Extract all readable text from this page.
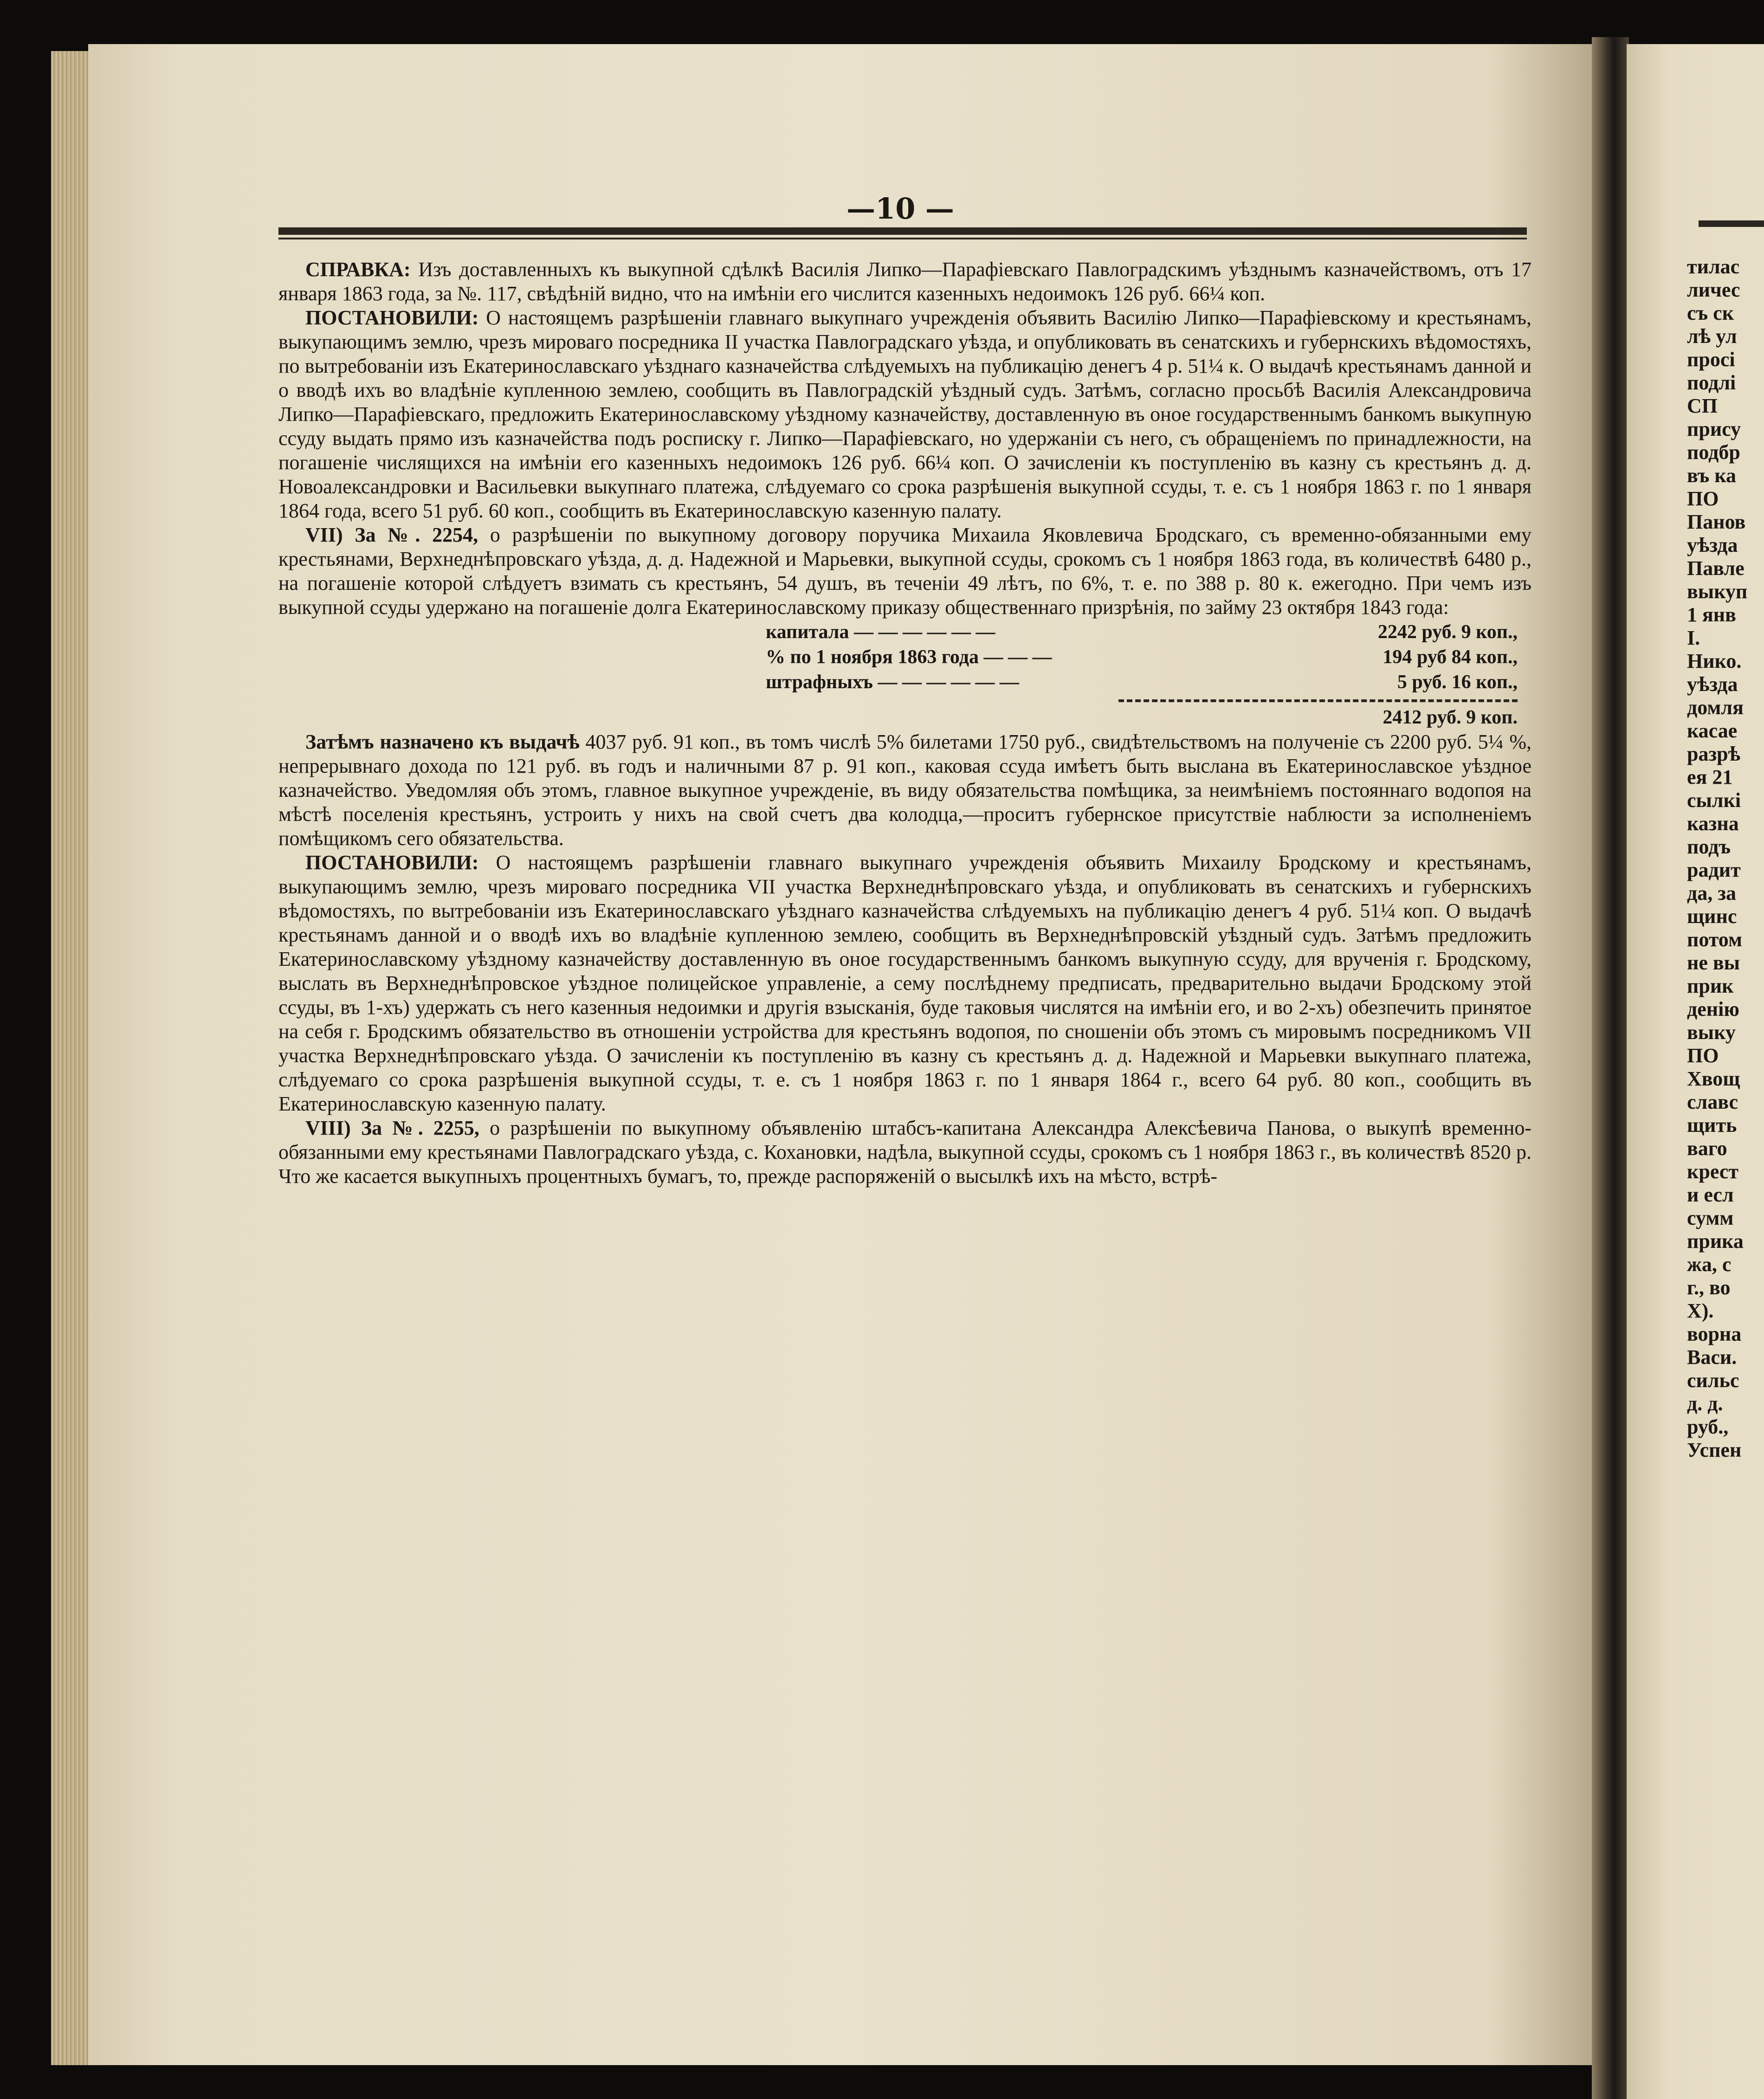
тилас
личес
съ ск
лѣ ул
просі
подлі
СП
прису
подбр
въ ка
ПО
Панов
уѣзда
Павле
выкуп
1 янв
I.
Нико.
уѣзда
домля
касае
разрѣ
ея 21
сылкі
казна
подъ
радит
да, за
щинс
потом
не вы
прик
денію
выку
ПО
Хвощ
славс
щить
ваго
крест
и есл
сумм
прика
жа, с
г., во
X).
ворна
Васи.
сильс
д. д.
руб.,
Успен
—10 —

СПРАВКА: Изъ доставленныхъ къ выкупной сдѣлкѣ Василія Липко—Парафіевскаго Павлоградскимъ уѣзднымъ казначействомъ, отъ 17 января 1863 года, за №. 117, свѣдѣній видно, что на имѣніи его числится казенныхъ недоимокъ 126 руб. 66¼ коп.

ПОСТАНОВИЛИ: О настоящемъ разрѣшеніи главнаго выкупнаго учрежденія объявить Василію Липко—Парафіевскому и крестьянамъ, выкупающимъ землю, чрезъ мироваго посредника II участка Павлоградскаго уѣзда, и опубликовать въ сенатскихъ и губернскихъ вѣдомостяхъ, по вытребованіи изъ Екатеринославскаго уѣзднаго казначейства слѣдуемыхъ на публикацію денегъ 4 р. 51¼ к. О выдачѣ крестьянамъ данной и о вводѣ ихъ во владѣніе купленною землею, сообщить въ Павлоградскій уѣздный судъ. Затѣмъ, согласно просьбѣ Василія Александровича Липко—Парафіевскаго, предложить Екатеринославскому уѣздному казначейству, доставленную въ оное государственнымъ банкомъ выкупную ссуду выдать прямо изъ казначейства подъ росписку г. Липко—Парафіевскаго, но удержаніи съ него, съ обращеніемъ по принадлежности, на погашеніе числящихся на имѣніи его казенныхъ недоимокъ 126 руб. 66¼ коп. О зачисленіи къ поступленію въ казну съ крестьянъ д. д. Новоалександровки и Васильевки выкупнаго платежа, слѣдуемаго со срока разрѣшенія выкупной ссуды, т. е. съ 1 ноября 1863 г. по 1 января 1864 года, всего 51 руб. 60 коп., сообщить въ Екатеринославскую казенную палату.

VII) За №. 2254, о разрѣшеніи по выкупному договору поручика Михаила Яковлевича Бродскаго, съ временно-обязанными ему крестьянами, Верхнеднѣпровскаго уѣзда, д. д. Надежной и Марьевки, выкупной ссуды, срокомъ съ 1 ноября 1863 года, въ количествѣ 6480 р., на погашеніе которой слѣдуетъ взимать съ крестьянъ, 54 душъ, въ теченіи 49 лѣтъ, по 6%, т. е. по 388 р. 80 к. ежегодно. При чемъ изъ выкупной ссуды удержано на погашеніе долга Екатеринославскому приказу общественнаго призрѣнія, по займу 23 октября 1843 года:

капитала — — — — — —	2242 руб. 9 коп.,
% по 1 ноября 1863 года — — —	194 руб 84 коп.,
штрафныхъ — — — — — —	5 руб. 16 коп.,
2412 руб. 9 коп.

Затѣмъ назначено къ выдачѣ 4037 руб. 91 коп., въ томъ числѣ 5% билетами 1750 руб., свидѣтельствомъ на полученіе съ 2200 руб. 5¼ %, непрерывнаго дохода по 121 руб. въ годъ и наличными 87 р. 91 коп., каковая ссуда имѣетъ быть выслана въ Екатеринославское уѣздное казначейство. Уведомляя объ этомъ, главное выкупное учрежденіе, въ виду обязательства помѣщика, за неимѣніемъ постояннаго водопоя на мѣстѣ поселенія крестьянъ, устроить у нихъ на свой счетъ два колодца,—проситъ губернское присутствіе наблюсти за исполненіемъ помѣщикомъ сего обязательства.

ПОСТАНОВИЛИ: О настоящемъ разрѣшеніи главнаго выкупнаго учрежденія объявить Михаилу Бродскому и крестьянамъ, выкупающимъ землю, чрезъ мироваго посредника VII участка Верхнеднѣпровскаго уѣзда, и опубликовать въ сенатскихъ и губернскихъ вѣдомостяхъ, по вытребованіи изъ Екатеринославскаго уѣзднаго казначейства слѣдуемыхъ на публикацію денегъ 4 руб. 51¼ коп. О выдачѣ крестьянамъ данной и о вводѣ ихъ во владѣніе купленною землею, сообщить въ Верхнеднѣпровскій уѣздный судъ. Затѣмъ предложить Екатеринославскому уѣздному казначейству доставленную въ оное государственнымъ банкомъ выкупную ссуду, для врученія г. Бродскому, выслать въ Верхнеднѣпровское уѣздное полицейское управленіе, а сему послѣднему предписать, предварительно выдачи Бродскому этой ссуды, въ 1-хъ) удержать съ него казенныя недоимки и другія взысканія, буде таковыя числятся на имѣніи его, и во 2-хъ) обезпечить принятое на себя г. Бродскимъ обязательство въ отношеніи устройства для крестьянъ водопоя, по сношеніи объ этомъ съ мировымъ посредникомъ VII участка Верхнеднѣпровскаго уѣзда. О зачисленіи къ поступленію въ казну съ крестьянъ д. д. Надежной и Марьевки выкупнаго платежа, слѣдуемаго со срока разрѣшенія выкупной ссуды, т. е. съ 1 ноября 1863 г. по 1 января 1864 г., всего 64 руб. 80 коп., сообщить въ Екатеринославскую казенную палату.

VIII) За №. 2255, о разрѣшеніи по выкупному объявленію штабсъ-капитана Александра Алексѣевича Панова, о выкупѣ временно-обязанными ему крестьянами Павлоградскаго уѣзда, с. Кохановки, надѣла, выкупной ссуды, срокомъ съ 1 ноября 1863 г., въ количествѣ 8520 р. Что же касается выкупныхъ процентныхъ бумагъ, то, прежде распоряженій о высылкѣ ихъ на мѣсто, встрѣ-
